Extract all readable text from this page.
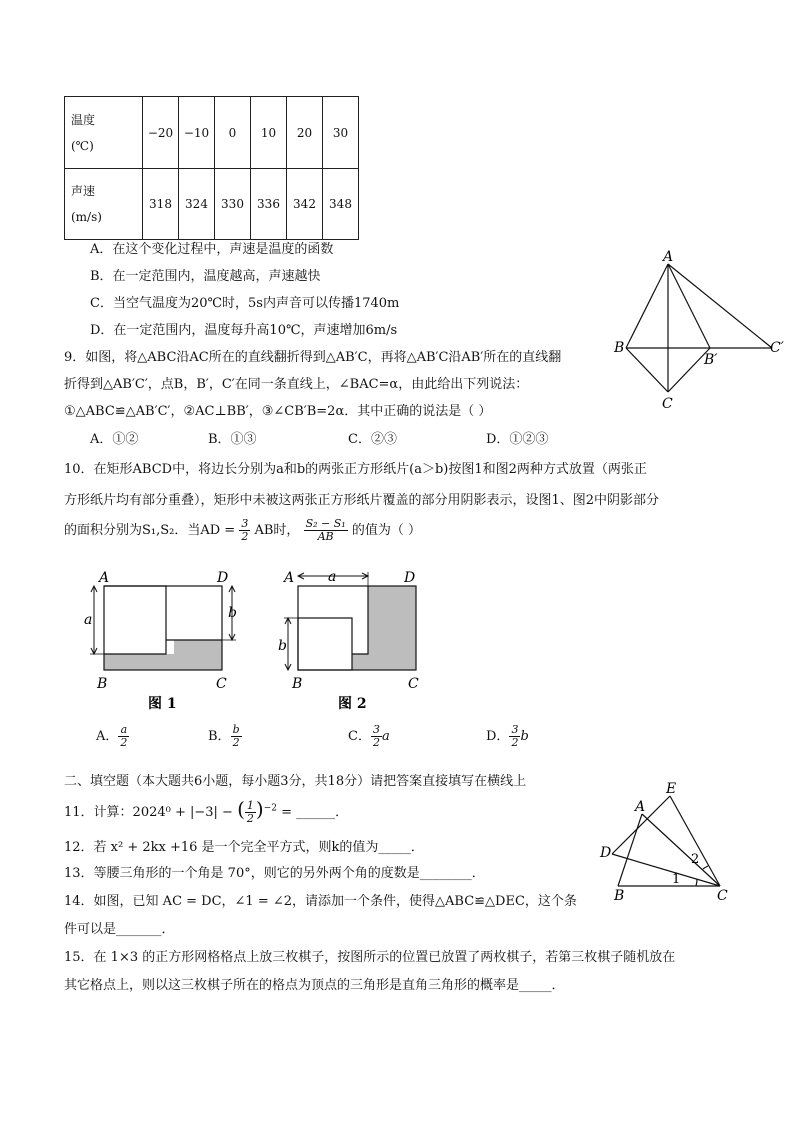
温度
(℃)	−20	−10	0	10	20	30
声速
(m/s)	318	324	330	336	342	348
A．在这个变化过程中，声速是温度的函数
B．在一定范围内，温度越高，声速越快
C．当空气温度为20℃时，5s内声音可以传播1740m
D．在一定范围内，温度每升高10℃，声速增加6m/s
A
B
B′
C′
C
9．如图，将△ABC沿AC所在的直线翻折得到△AB′C，再将△AB′C沿AB′所在的直线翻
折得到△AB′C′，点B，B′，C′在同一条直线上，∠BAC=α，由此给出下列说法：
①△ABC≌△AB′C′，②AC⊥BB′，③∠CB′B=2α．其中正确的说法是（ ）
A．①②	B．①③	C．②③	D．①②③
10．在矩形ABCD中，将边长分别为a和b的两张正方形纸片(a＞b)按图1和图2两种方式放置（两张正
方形纸片均有部分重叠），矩形中未被这两张正方形纸片覆盖的部分用阴影表示，设图1、图2中阴影部分
的面积分别为S₁,S₂．当AD = $\frac{3}{2}$ AB时， $\frac{\text{S₂ − S₁}}{AB}$ 的值为（ ）
A	D
B	C
a	b
图 1
A	D
B	C
a
b
图 2
A． $\frac{a}{2}$	B． $\frac{b}{2}$	C． $\frac{3}{2}$ a	D． $\frac{3}{2}$ b
二、填空题（本大题共6小题，每小题3分，共18分）请把答案直接填写在横线上
11．计算：2024⁰ + |−3| − ( $\frac{1}{2} )^{-2}$ = ______．
12．若 x² + 2kx +16 是一个完全平方式，则k的值为_____．
13．等腰三角形的一个角是 70°，则它的另外两个角的度数是________．
A
E
D	2
1
B	C
14．如图，已知 AC = DC，∠1 = ∠2，请添加一个条件，使得△ABC≌△DEC，这个条
件可以是_______．
15．在 1×3 的正方形网格格点上放三枚棋子，按图所示的位置已放置了两枚棋子，若第三枚棋子随机放在
其它格点上，则以这三枚棋子所在的格点为顶点的三角形是直角三角形的概率是_____．
